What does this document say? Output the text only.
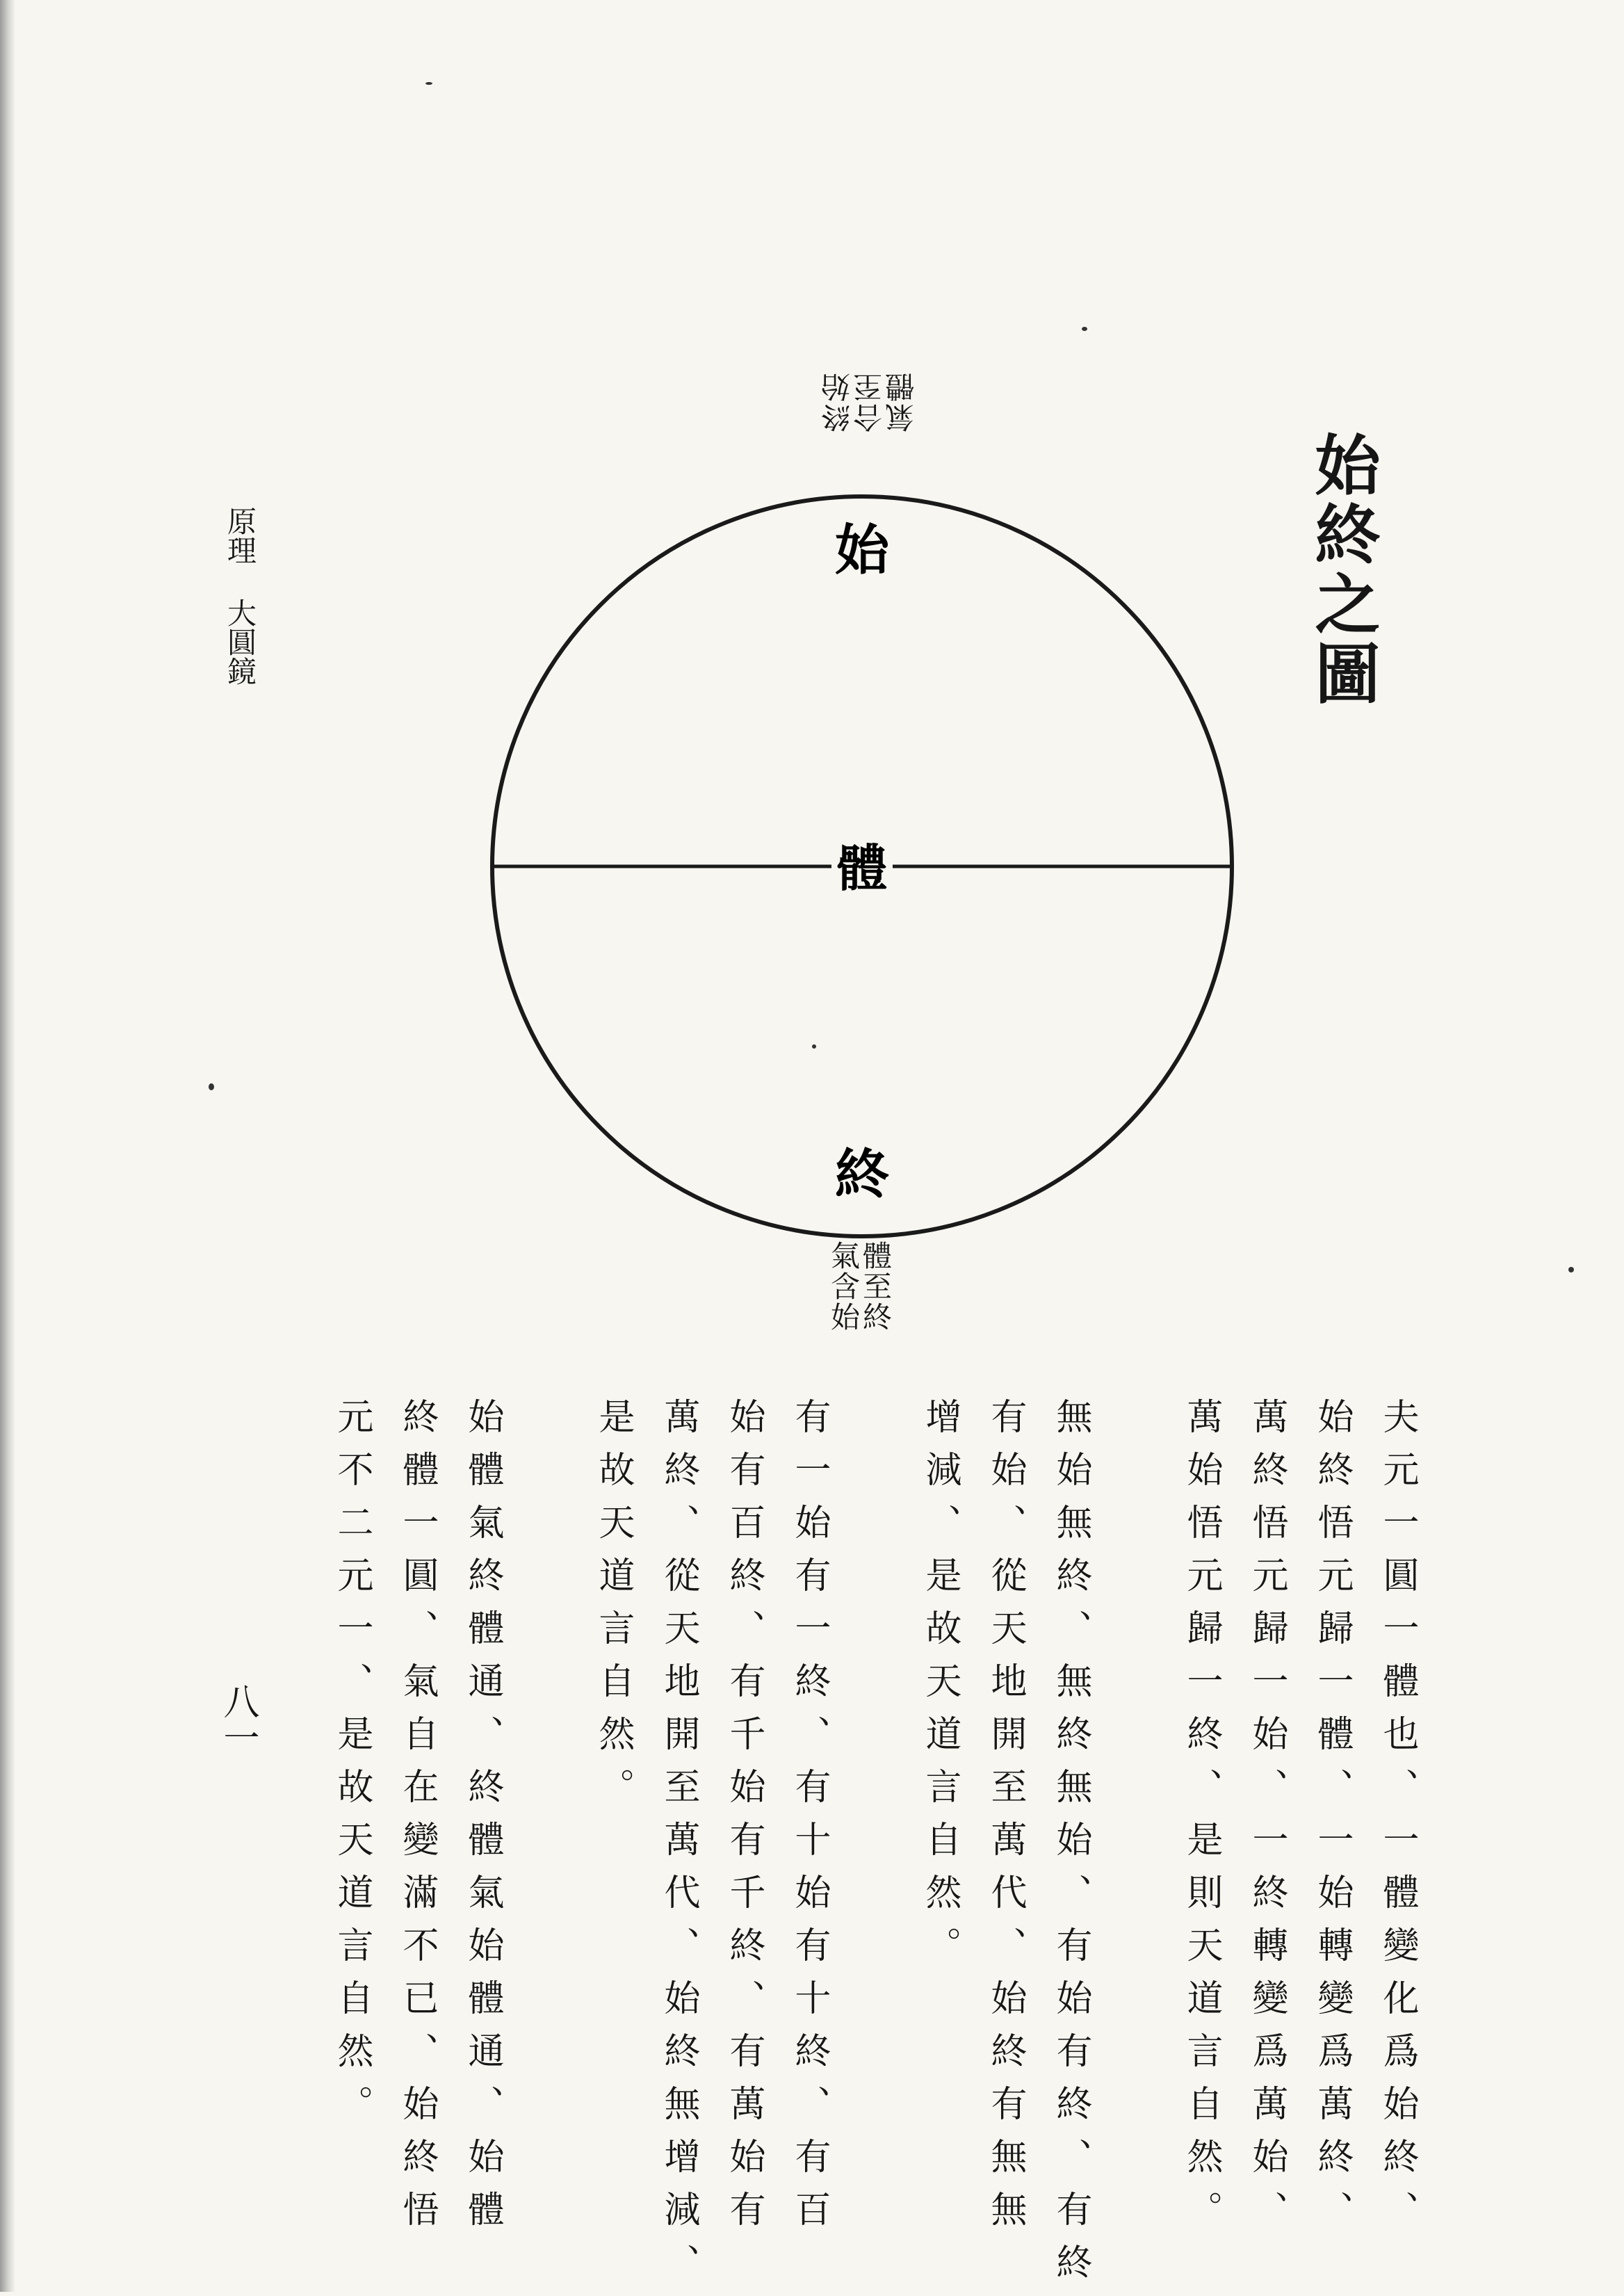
原理大圓鏡
八一
始終之圖
始
體
終
終始
合至
氣體
體至終
氣含始
夫元一圓一體也、一體變化爲始終、
始終悟元歸一體、一始轉變爲萬終、
萬終悟元歸一始、一終轉變爲萬始、
萬始悟元歸一終、是則天道言自然。
無始無終、無終無始、有始有終、有終
有始、從天地開至萬代、始終有無無
增減、是故天道言自然。
有一始有一終、有十始有十終、有百
始有百終、有千始有千終、有萬始有
萬終、從天地開至萬代、始終無增減、
是故天道言自然。
始體氣終體通、終體氣始體通、始體
終體一圓、氣自在變滿不已、始終悟
元不二元一、是故天道言自然。
